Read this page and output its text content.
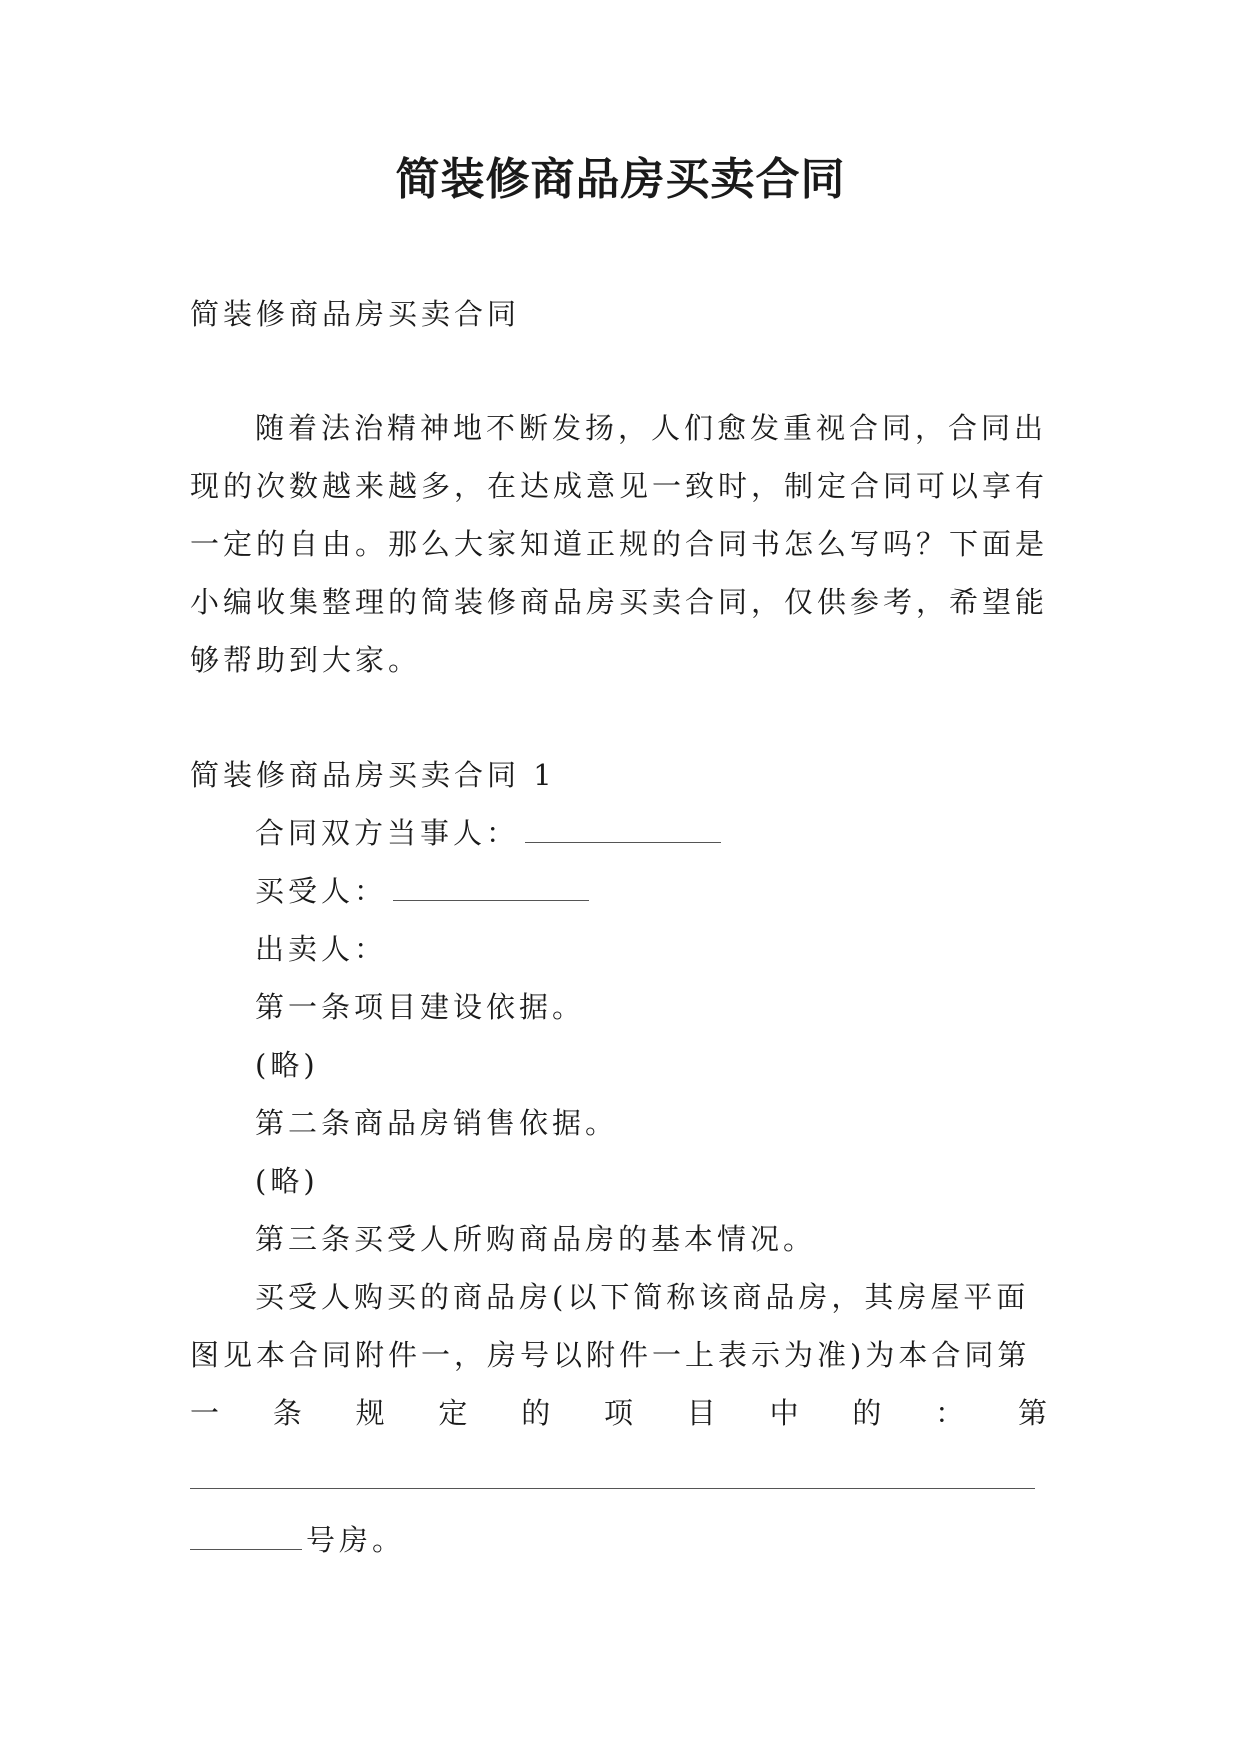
简装修商品房买卖合同
简装修商品房买卖合同
随着法治精神地不断发扬，人们愈发重视合同，合同出
现的次数越来越多，在达成意见一致时，制定合同可以享有
一定的自由。那么大家知道正规的合同书怎么写吗？下面是
小编收集整理的简装修商品房买卖合同，仅供参考，希望能
够帮助到大家。
简装修商品房买卖合同 1
合同双方当事人：
买受人：
出卖人：
第一条项目建设依据。
(略)
第二条商品房销售依据。
(略)
第三条买受人所购商品房的基本情况。
买受人购买的商品房(以下简称该商品房，其房屋平面
图见本合同附件一，房号以附件一上表示为准)为本合同第
一 条 规 定 的 项 目 中 的 ： 第
号房。
